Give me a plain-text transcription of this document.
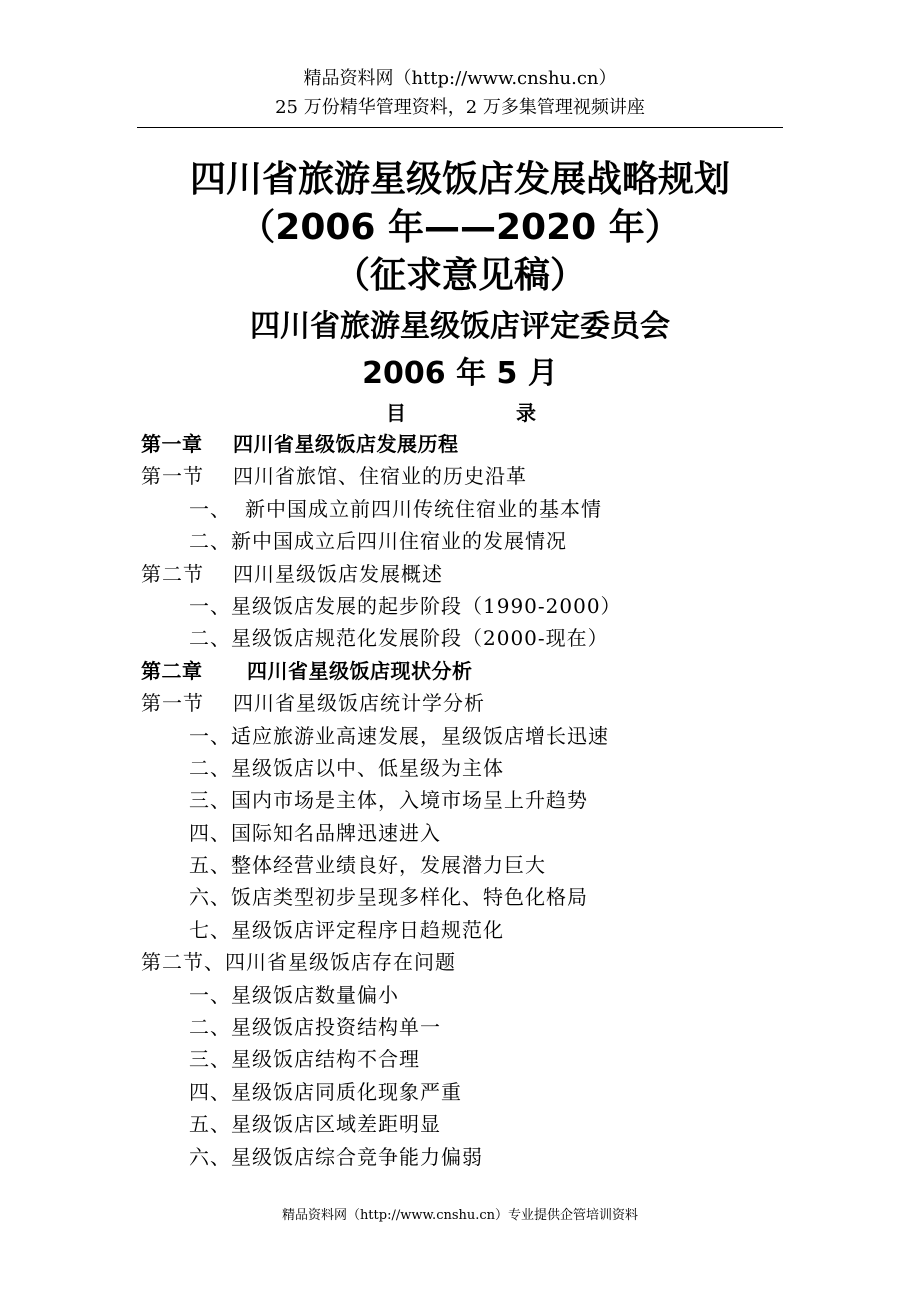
精品资料网（http://www.cnshu.cn）
25 万份精华管理资料，2 万多集管理视频讲座
四川省旅游星级饭店发展战略规划
（2006 年——2020 年）
（征求意见稿）
四川省旅游星级饭店评定委员会
2006 年 5 月
目	录
第一章 四川省星级饭店发展历程
第一节 四川省旅馆、住宿业的历史沿革
一、 新中国成立前四川传统住宿业的基本情
二、新中国成立后四川住宿业的发展情况
第二节 四川星级饭店发展概述
一、星级饭店发展的起步阶段（1990-2000）
二、星级饭店规范化发展阶段（2000-现在）
第二章 四川省星级饭店现状分析
第一节 四川省星级饭店统计学分析
一、适应旅游业高速发展，星级饭店增长迅速
二、星级饭店以中、低星级为主体
三、国内市场是主体，入境市场呈上升趋势
四、国际知名品牌迅速进入
五、整体经营业绩良好，发展潜力巨大
六、饭店类型初步呈现多样化、特色化格局
七、星级饭店评定程序日趋规范化
第二节、四川省星级饭店存在问题
一、星级饭店数量偏小
二、星级饭店投资结构单一
三、星级饭店结构不合理
四、星级饭店同质化现象严重
五、星级饭店区域差距明显
六、星级饭店综合竞争能力偏弱
精品资料网（http://www.cnshu.cn）专业提供企管培训资料
